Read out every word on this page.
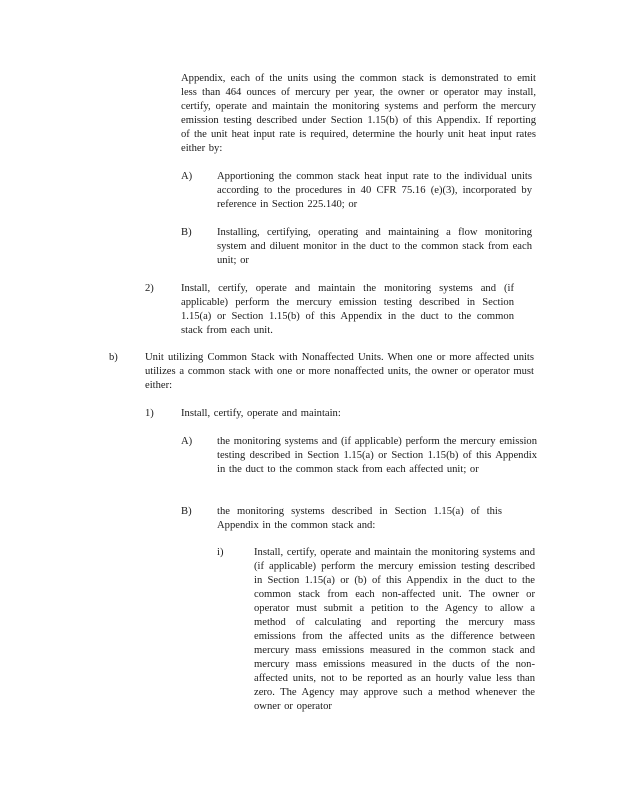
Appendix, each of the units using the common stack is demonstrated to emit less than 464 ounces of mercury per year, the owner or operator may install, certify, operate and maintain the monitoring systems and perform the mercury emission testing described under Section 1.15(b) of this Appendix. If reporting of the unit heat input rate is required, determine the hourly unit heat input rates either by:
A) Apportioning the common stack heat input rate to the individual units according to the procedures in 40 CFR 75.16 (e)(3), incorporated by reference in Section 225.140; or
B) Installing, certifying, operating and maintaining a flow monitoring system and diluent monitor in the duct to the common stack from each unit; or
2)	Install, certify, operate and maintain the monitoring systems and (if applicable) perform the mercury emission testing described in Section 1.15(a) or Section 1.15(b) of this Appendix in the duct to the common stack from each unit.
b)	Unit utilizing Common Stack with Nonaffected Units. When one or more affected units utilizes a common stack with one or more nonaffected units, the owner or operator must either:
1)	Install, certify, operate and maintain:
A) the monitoring systems and (if applicable) perform the mercury emission testing described in Section 1.15(a) or Section 1.15(b) of this Appendix in the duct to the common stack from each affected unit; or
B) the monitoring systems described in Section 1.15(a) of this Appendix in the common stack and:
i)	Install, certify, operate and maintain the monitoring systems and (if applicable) perform the mercury emission testing described in Section 1.15(a) or (b) of this Appendix in the duct to the common stack from each non-affected unit. The owner or operator must submit a petition to the Agency to allow a method of calculating and reporting the mercury mass emissions from the affected units as the difference between mercury mass emissions measured in the common stack and mercury mass emissions measured in the ducts of the non-affected units, not to be reported as an hourly value less than zero. The Agency may approve such a method whenever the owner or operator
